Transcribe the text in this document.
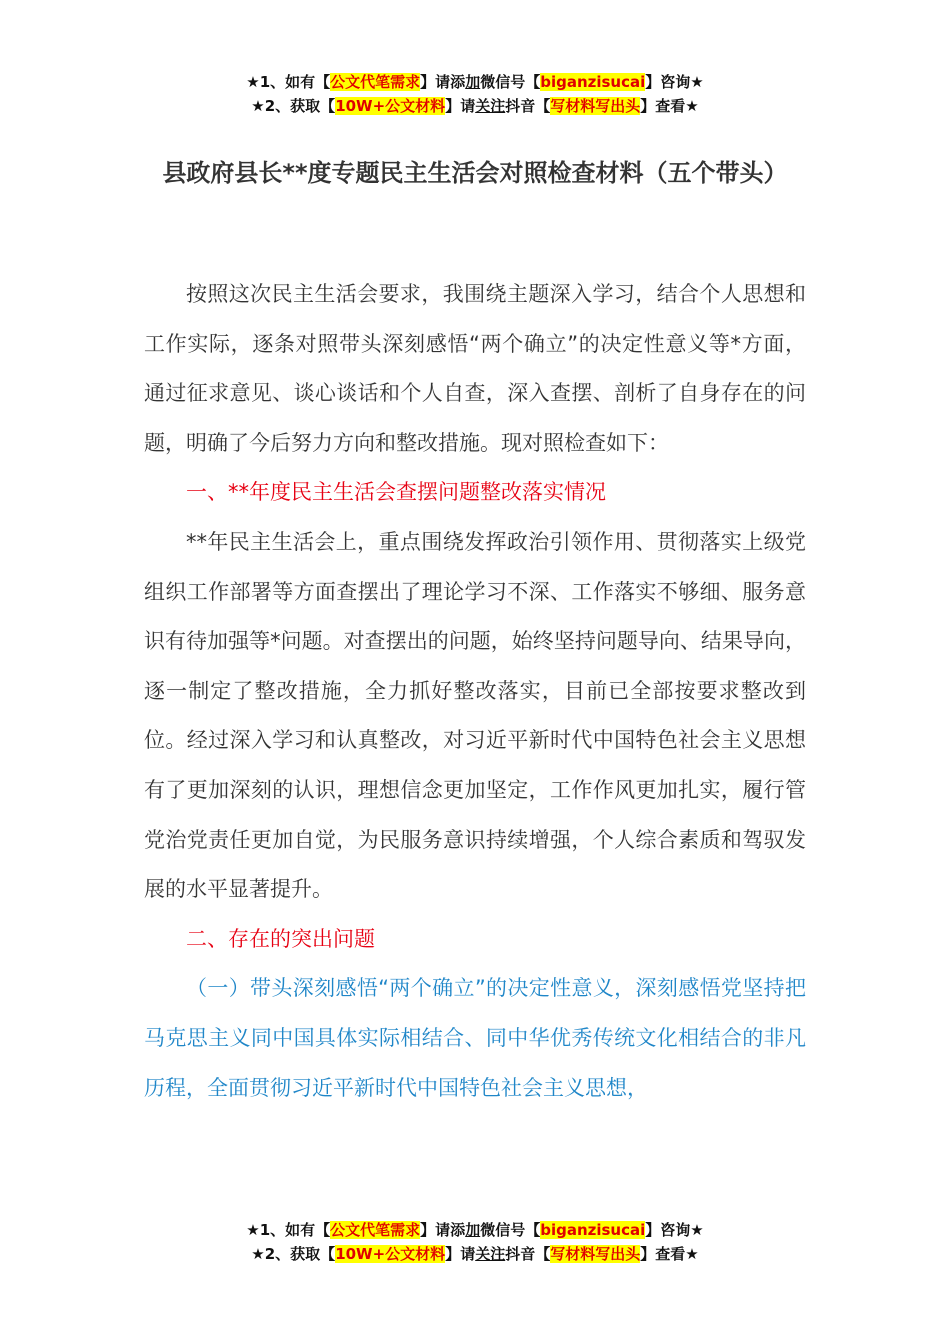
★1、如有【公文代笔需求】请添加微信号【biganzisucai】咨询★
★2、获取【10W+公文材料】请关注抖音【写材料写出头】查看★
县政府县长**度专题民主生活会对照检查材料（五个带头）

按照这次民主生活会要求，我围绕主题深入学习，结合个人思想和工作实际，逐条对照带头深刻感悟“两个确立”的决定性意义等*方面，通过征求意见、谈心谈话和个人自查，深入查摆、剖析了自身存在的问题，明确了今后努力方向和整改措施。现对照检查如下：

一、**年度民主生活会查摆问题整改落实情况

**年民主生活会上，重点围绕发挥政治引领作用、贯彻落实上级党组织工作部署等方面查摆出了理论学习不深、工作落实不够细、服务意识有待加强等*问题。对查摆出的问题，始终坚持问题导向、结果导向，逐一制定了整改措施，全力抓好整改落实，目前已全部按要求整改到位。经过深入学习和认真整改，对习近平新时代中国特色社会主义思想有了更加深刻的认识，理想信念更加坚定，工作作风更加扎实，履行管党治党责任更加自觉，为民服务意识持续增强，个人综合素质和驾驭发展的水平显著提升。

二、存在的突出问题

（一）带头深刻感悟“两个确立”的决定性意义，深刻感悟党坚持把马克思主义同中国具体实际相结合、同中华优秀传统文化相结合的非凡历程，全面贯彻习近平新时代中国特色社会主义思想，

★1、如有【公文代笔需求】请添加微信号【biganzisucai】咨询★
★2、获取【10W+公文材料】请关注抖音【写材料写出头】查看★
